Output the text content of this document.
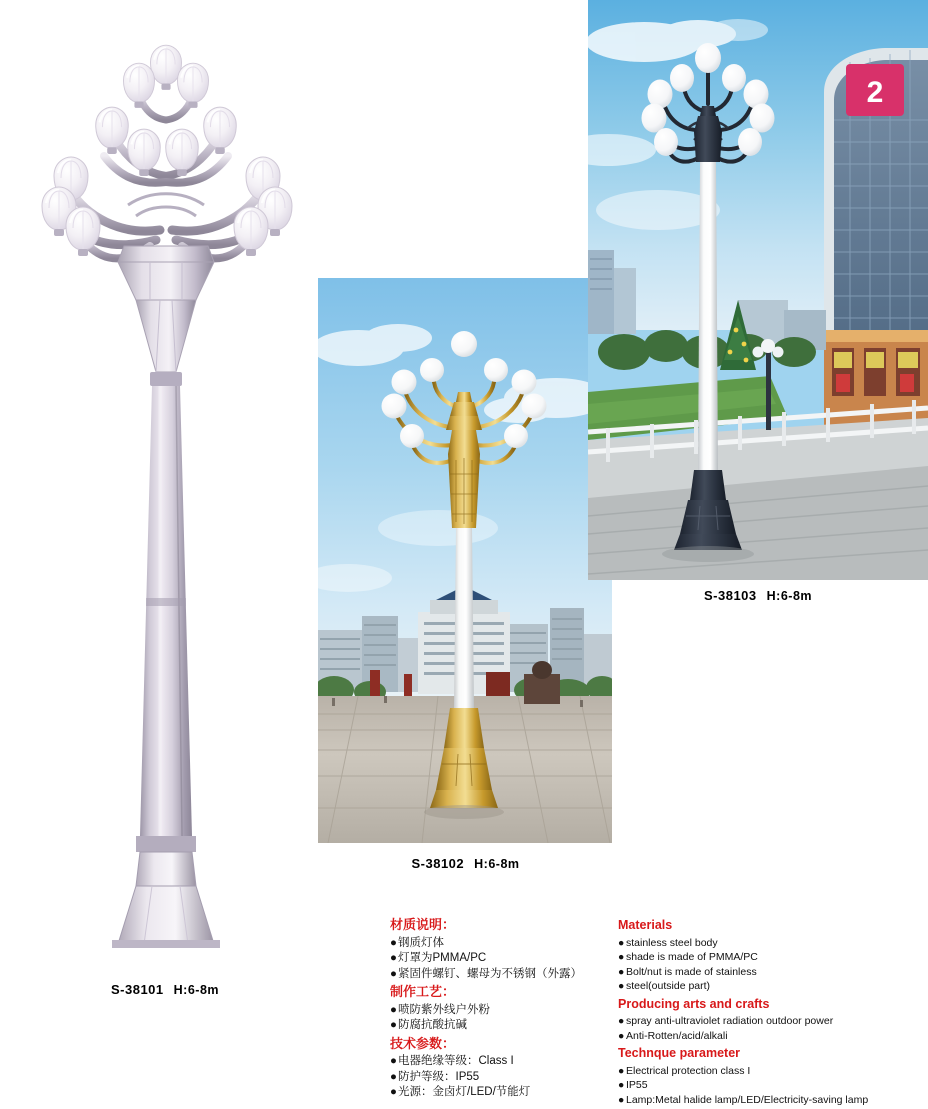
S-38101 H:6-8m
S-38102 H:6-8m
2
S-38103 H:6-8m
材质说明：
●钢质灯体
●灯罩为PMMA/PC
●紧固件螺钉、螺母为不锈钢（外露）
制作工艺：
●喷防紫外线户外粉
●防腐抗酸抗碱
技术参数：
●电器绝缘等级：Class I
●防护等级：IP55
●光源：金卤灯/LED/节能灯
Materials
● stainless steel body
● shade is made of PMMA/PC
● Bolt/nut is made of stainless
● steel(outside part)
Producing arts and crafts
● spray anti-ultraviolet radiation outdoor power
● Anti-Rotten/acid/alkali
Technque parameter
● Electrical protection class I
● IP55
● Lamp:Metal halide lamp/LED/Electricity-saving lamp
